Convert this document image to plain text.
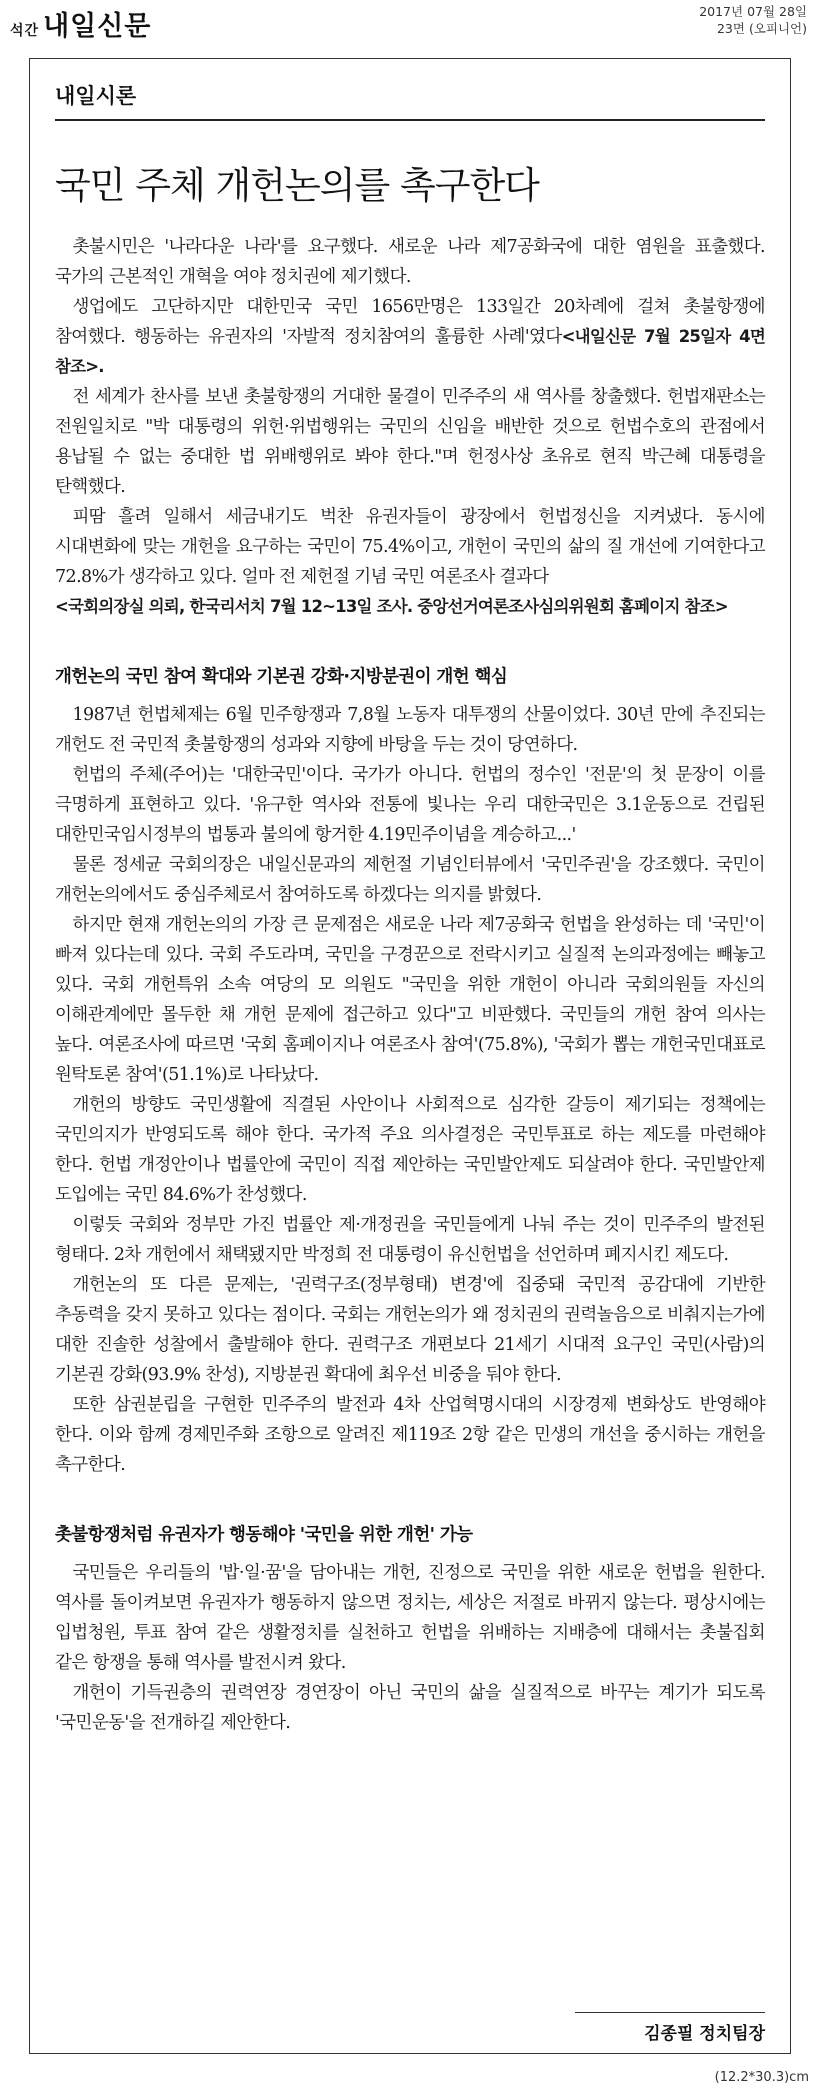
석간 내일신문	2017년 07월 28일
23면 (오피니언)
내일시론
국민 주체 개헌논의를 촉구한다

촛불시민은 '나라다운 나라'를 요구했다. 새로운 나라 제7공화국에 대한 염원을 표출했다. 국가의 근본적인 개혁을 여야 정치권에 제기했다.

생업에도 고단하지만 대한민국 국민 1656만명은 133일간 20차례에 걸쳐 촛불항쟁에 참여했다. 행동하는 유권자의 '자발적 정치참여의 훌륭한 사례'였다<내일신문 7월 25일자 4면 참조>.

전 세계가 찬사를 보낸 촛불항쟁의 거대한 물결이 민주주의 새 역사를 창출했다. 헌법재판소는 전원일치로 "박 대통령의 위헌·위법행위는 국민의 신임을 배반한 것으로 헌법수호의 관점에서 용납될 수 없는 중대한 법 위배행위로 봐야 한다."며 헌정사상 초유로 현직 박근혜 대통령을 탄핵했다.

피땀 흘려 일해서 세금내기도 벅찬 유권자들이 광장에서 헌법정신을 지켜냈다. 동시에 시대변화에 맞는 개헌을 요구하는 국민이 75.4%이고, 개헌이 국민의 삶의 질 개선에 기여한다고 72.8%가 생각하고 있다. 얼마 전 제헌절 기념 국민 여론조사 결과다

<국회의장실 의뢰, 한국리서치 7월 12~13일 조사. 중앙선거여론조사심의위원회 홈페이지 참조>

개헌논의 국민 참여 확대와 기본권 강화·지방분권이 개헌 핵심

1987년 헌법체제는 6월 민주항쟁과 7,8월 노동자 대투쟁의 산물이었다. 30년 만에 추진되는 개헌도 전 국민적 촛불항쟁의 성과와 지향에 바탕을 두는 것이 당연하다.

헌법의 주체(주어)는 '대한국민'이다. 국가가 아니다. 헌법의 정수인 '전문'의 첫 문장이 이를 극명하게 표현하고 있다. '유구한 역사와 전통에 빛나는 우리 대한국민은 3.1운동으로 건립된 대한민국임시정부의 법통과 불의에 항거한 4.19민주이념을 계승하고...'

물론 정세균 국회의장은 내일신문과의 제헌절 기념인터뷰에서 '국민주권'을 강조했다. 국민이 개헌논의에서도 중심주체로서 참여하도록 하겠다는 의지를 밝혔다.

하지만 현재 개헌논의의 가장 큰 문제점은 새로운 나라 제7공화국 헌법을 완성하는 데 '국민'이 빠져 있다는데 있다. 국회 주도라며, 국민을 구경꾼으로 전락시키고 실질적 논의과정에는 빼놓고 있다. 국회 개헌특위 소속 여당의 모 의원도 "국민을 위한 개헌이 아니라 국회의원들 자신의 이해관계에만 몰두한 채 개헌 문제에 접근하고 있다"고 비판했다. 국민들의 개헌 참여 의사는 높다. 여론조사에 따르면 '국회 홈페이지나 여론조사 참여'(75.8%), '국회가 뽑는 개헌국민대표로 원탁토론 참여'(51.1%)로 나타났다.

개헌의 방향도 국민생활에 직결된 사안이나 사회적으로 심각한 갈등이 제기되는 정책에는 국민의지가 반영되도록 해야 한다. 국가적 주요 의사결정은 국민투표로 하는 제도를 마련해야 한다. 헌법 개정안이나 법률안에 국민이 직접 제안하는 국민발안제도 되살려야 한다. 국민발안제 도입에는 국민 84.6%가 찬성했다.

이렇듯 국회와 정부만 가진 법률안 제·개정권을 국민들에게 나눠 주는 것이 민주주의 발전된 형태다. 2차 개헌에서 채택됐지만 박정희 전 대통령이 유신헌법을 선언하며 폐지시킨 제도다.

개헌논의 또 다른 문제는, '권력구조(정부형태) 변경'에 집중돼 국민적 공감대에 기반한 추동력을 갖지 못하고 있다는 점이다. 국회는 개헌논의가 왜 정치권의 권력놀음으로 비춰지는가에 대한 진솔한 성찰에서 출발해야 한다. 권력구조 개편보다 21세기 시대적 요구인 국민(사람)의 기본권 강화(93.9% 찬성), 지방분권 확대에 최우선 비중을 둬야 한다.

또한 삼권분립을 구현한 민주주의 발전과 4차 산업혁명시대의 시장경제 변화상도 반영해야 한다. 이와 함께 경제민주화 조항으로 알려진 제119조 2항 같은 민생의 개선을 중시하는 개헌을 촉구한다.

촛불항쟁처럼 유권자가 행동해야 '국민을 위한 개헌' 가능

국민들은 우리들의 '밥·일·꿈'을 담아내는 개헌, 진정으로 국민을 위한 새로운 헌법을 원한다. 역사를 돌이켜보면 유권자가 행동하지 않으면 정치는, 세상은 저절로 바뀌지 않는다. 평상시에는 입법청원, 투표 참여 같은 생활정치를 실천하고 헌법을 위배하는 지배층에 대해서는 촛불집회 같은 항쟁을 통해 역사를 발전시켜 왔다.

개헌이 기득권층의 권력연장 경연장이 아닌 국민의 삶을 실질적으로 바꾸는 계기가 되도록 '국민운동'을 전개하길 제안한다.

김종필 정치팀장
(12.2*30.3)cm
